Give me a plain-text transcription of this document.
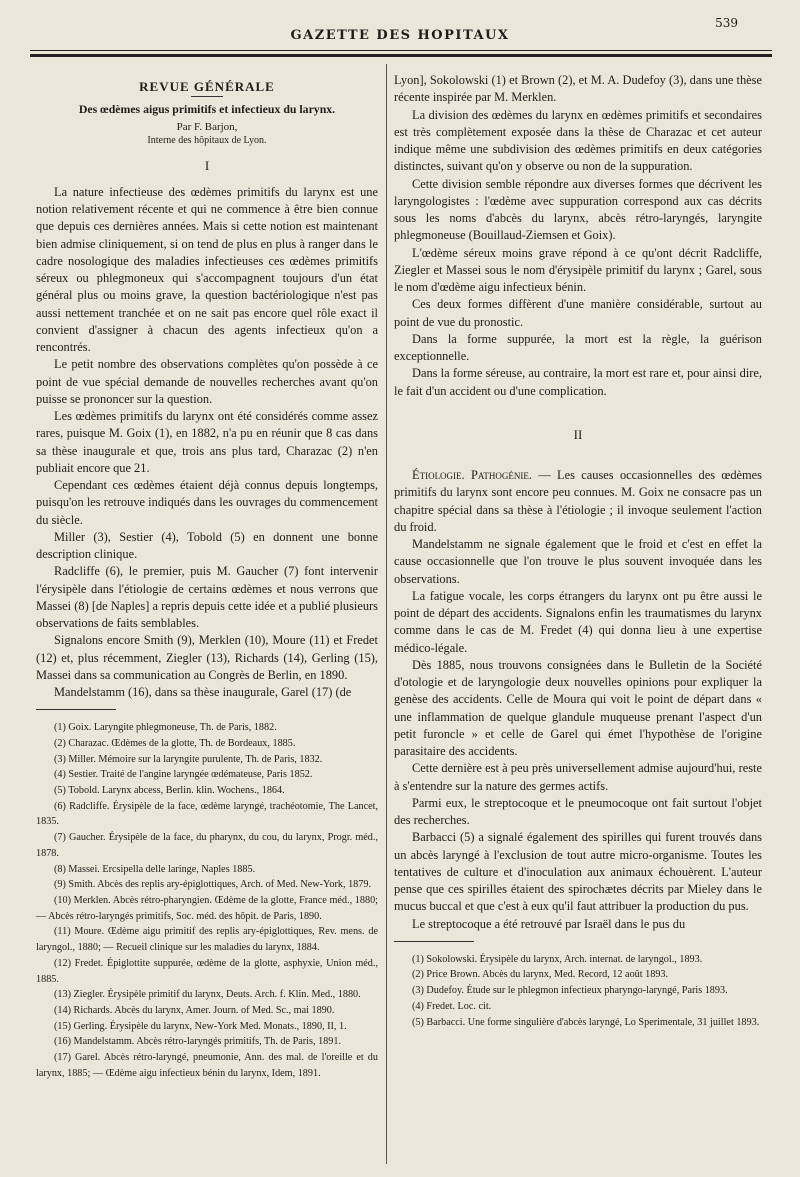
539
GAZETTE DES HOPITAUX
REVUE GÉNÉRALE
Des œdèmes aigus primitifs et infectieux du larynx.
Par F. Barjon,
Interne des hôpitaux de Lyon.
I

La nature infectieuse des œdèmes primitifs du larynx est une notion relativement récente et qui ne commence à être bien connue que depuis ces dernières années. Mais si cette notion est maintenant bien admise cliniquement, si on tend de plus en plus à ranger dans le cadre nosologique des maladies infectieuses ces œdèmes primitifs séreux ou phlegmoneux qui s'accompagnent toujours d'un état général plus ou moins grave, la question bactériologique n'est pas aussi nettement tranchée et on ne sait pas encore quel rôle exact il convient d'assigner à chacun des agents infectieux qu'on a rencontrés.

Le petit nombre des observations complètes qu'on possède à ce point de vue spécial demande de nouvelles recherches avant qu'on puisse se prononcer sur la question.

Les œdèmes primitifs du larynx ont été considérés comme assez rares, puisque M. Goix (1), en 1882, n'a pu en réunir que 8 cas dans sa thèse inaugurale et que, trois ans plus tard, Charazac (2) n'en publiait encore que 21.

Cependant ces œdèmes étaient déjà connus depuis longtemps, puisqu'on les retrouve indiqués dans les ouvrages du commencement du siècle.

Miller (3), Sestier (4), Tobold (5) en donnent une bonne description clinique.

Radcliffe (6), le premier, puis M. Gaucher (7) font intervenir l'érysipèle dans l'étiologie de certains œdèmes et nous verrons que Massei (8) [de Naples] a repris depuis cette idée et a publié plusieurs observations de faits semblables.

Signalons encore Smith (9), Merklen (10), Moure (11) et Fredet (12) et, plus récemment, Ziegler (13), Richards (14), Gerling (15), Massei dans sa communication au Congrès de Berlin, en 1890.

Mandelstamm (16), dans sa thèse inaugurale, Garel (17) (de

(1) Goix. Laryngite phlegmoneuse, Th. de Paris, 1882.
(2) Charazac. Œdèmes de la glotte, Th. de Bordeaux, 1885.
(3) Miller. Mémoire sur la laryngite purulente, Th. de Paris, 1832.
(4) Sestier. Traité de l'angine laryngée œdémateuse, Paris 1852.
(5) Tobold. Larynx abcess, Berlin. klin. Wochens., 1864.
(6) Radcliffe. Érysipèle de la face, œdème laryngé, trachéotomie, The Lancet, 1835.
(7) Gaucher. Érysipèle de la face, du pharynx, du cou, du larynx, Progr. méd., 1878.
(8) Massei. Ercsipella delle laringe, Naples 1885.
(9) Smith. Abcès des replis ary-épiglottiques, Arch. of Med. New-York, 1879.
(10) Merklen. Abcès rétro-pharyngien. Œdème de la glotte, France méd., 1880; — Abcès rétro-laryngés primitifs, Soc. méd. des hôpit. de Paris, 1890.
(11) Moure. Œdème aigu primitif des replis ary-épiglottiques, Rev. mens. de laryngol., 1880; — Recueil clinique sur les maladies du larynx, 1884.
(12) Fredet. Épiglottite suppurée, œdème de la glotte, asphyxie, Union méd., 1885.
(13) Ziegler. Érysipèle primitif du larynx, Deuts. Arch. f. Klin. Med., 1880.
(14) Richards. Abcès du larynx, Amer. Journ. of Med. Sc., mai 1890.
(15) Gerling. Érysipèle du larynx, New-York Med. Monats., 1890, II, 1.
(16) Mandelstamm. Abcès rétro-laryngés primitifs, Th. de Paris, 1891.
(17) Garel. Abcès rétro-laryngé, pneumonie, Ann. des mal. de l'oreille et du larynx, 1885; — Œdème aigu infectieux bénin du larynx, Idem, 1891.

Lyon], Sokolowski (1) et Brown (2), et M. A. Dudefoy (3), dans une thèse récente inspirée par M. Merklen.

La division des œdèmes du larynx en œdèmes primitifs et secondaires est très complètement exposée dans la thèse de Charazac et cet auteur indique même une subdivision des œdèmes primitifs en deux catégories distinctes, suivant qu'on y observe ou non de la suppuration.

Cette division semble répondre aux diverses formes que décrivent les laryngologistes : l'œdème avec suppuration correspond aux cas décrits sous les noms d'abcès du larynx, abcès rétro-laryngés, laryngite phlegmoneuse (Bouillaud-Ziemsen et Goix).

L'œdème séreux moins grave répond à ce qu'ont décrit Radcliffe, Ziegler et Massei sous le nom d'érysipèle primitif du larynx ; Garel, sous le nom d'œdème aigu infectieux bénin.

Ces deux formes diffèrent d'une manière considérable, surtout au point de vue du pronostic.

Dans la forme suppurée, la mort est la règle, la guérison exceptionnelle.

Dans la forme séreuse, au contraire, la mort est rare et, pour ainsi dire, le fait d'un accident ou d'une complication.

II

Étiologie. Pathogénie. — Les causes occasionnelles des œdèmes primitifs du larynx sont encore peu connues. M. Goix ne consacre pas un chapitre spécial dans sa thèse à l'étiologie ; il invoque seulement l'action du froid.

Mandelstamm ne signale également que le froid et c'est en effet la cause occasionnelle que l'on trouve le plus souvent invoquée dans les observations.

La fatigue vocale, les corps étrangers du larynx ont pu être aussi le point de départ des accidents. Signalons enfin les traumatismes du larynx comme dans le cas de M. Fredet (4) qui donna lieu à une expertise médico-légale.

Dès 1885, nous trouvons consignées dans le Bulletin de la Société d'otologie et de laryngologie deux nouvelles opinions pour expliquer la genèse des accidents. Celle de Moura qui voit le point de départ dans « une inflammation de quelque glandule muqueuse prenant l'aspect d'un petit furoncle » et celle de Garel qui émet l'hypothèse de l'origine parasitaire des accidents.

Cette dernière est à peu près universellement admise aujourd'hui, reste à s'entendre sur la nature des germes actifs.

Parmi eux, le streptocoque et le pneumocoque ont fait surtout l'objet des recherches.

Barbacci (5) a signalé également des spirilles qui furent trouvés dans un abcès laryngé à l'exclusion de tout autre micro-organisme. Toutes les tentatives de culture et d'inoculation aux animaux échouèrent. L'auteur pense que ces spirilles étaient des spirochætes décrits par Mieley dans le mucus buccal et que c'est à eux qu'il faut attribuer la production du pus.

Le streptocoque a été retrouvé par Israël dans le pus du

(1) Sokolowski. Érysipèle du larynx, Arch. internat. de laryngol., 1893.
(2) Price Brown. Abcès du larynx, Med. Record, 12 août 1893.
(3) Dudefoy. Étude sur le phlegmon infectieux pharyngo-laryngé, Paris 1893.
(4) Fredet. Loc. cit.
(5) Barbacci. Une forme singulière d'abcès laryngé, Lo Sperimentale, 31 juillet 1893.
